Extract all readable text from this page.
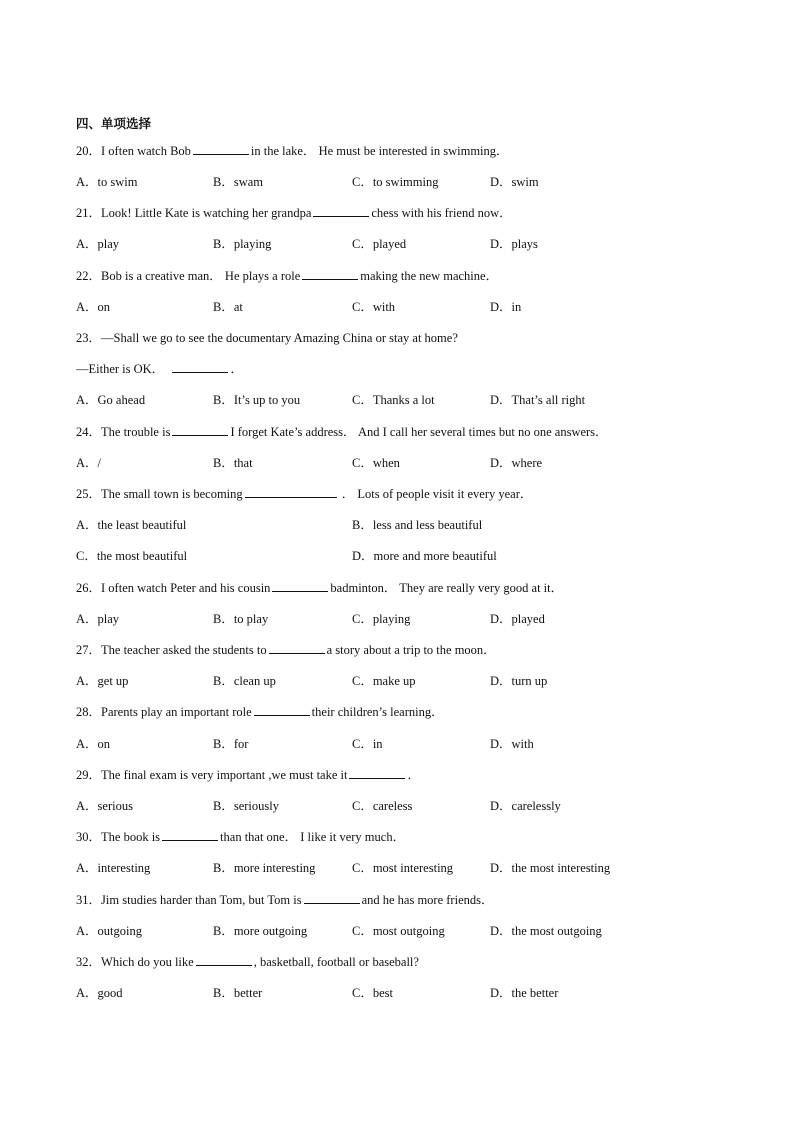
四、单项选择
20．I often watch Bob	in the lake． He must be interested in swimming．
A．to swim	B．swam	C．to swimming	D．swim
21．Look! Little Kate is watching her grandpa	chess with his friend now．
A．play	B．playing	C．played	D．plays
22．Bob is a creative man． He plays a role	making the new machine．
A．on	B．at	C．with	D．in
23．—Shall we go to see the documentary Amazing China or stay at home?
—Either is OK．	．
A．Go ahead	B．It’s up to you	C．Thanks a lot	D．That’s all right
24．The trouble is	I forget Kate’s address． And I call her several times but no one answers．
A．/	B．that	C．when	D．where
25．The small town is becoming	． Lots of people visit it every year．
A．the least beautiful	B．less and less beautiful
C．the most beautiful	D．more and more beautiful
26．I often watch Peter and his cousin	badminton． They are really very good at it．
A．play	B．to play	C．playing	D．played
27．The teacher asked the students to	a story about a trip to the moon．
A．get up	B．clean up	C．make up	D．turn up
28．Parents play an important role	their children’s learning．
A．on	B．for	C．in	D．with
29．The final exam is very important ,we must take it	．
A．serious	B．seriously	C．careless	D．carelessly
30．The book is	than that one． I like it very much．
A．interesting	B．more interesting	C．most interesting	D．the most interesting
31．Jim studies harder than Tom, but Tom is	and he has more friends．
A．outgoing	B．more outgoing	C．most outgoing	D．the most outgoing
32．Which do you like	, basketball, football or baseball?
A．good	B．better	C．best	D．the better
